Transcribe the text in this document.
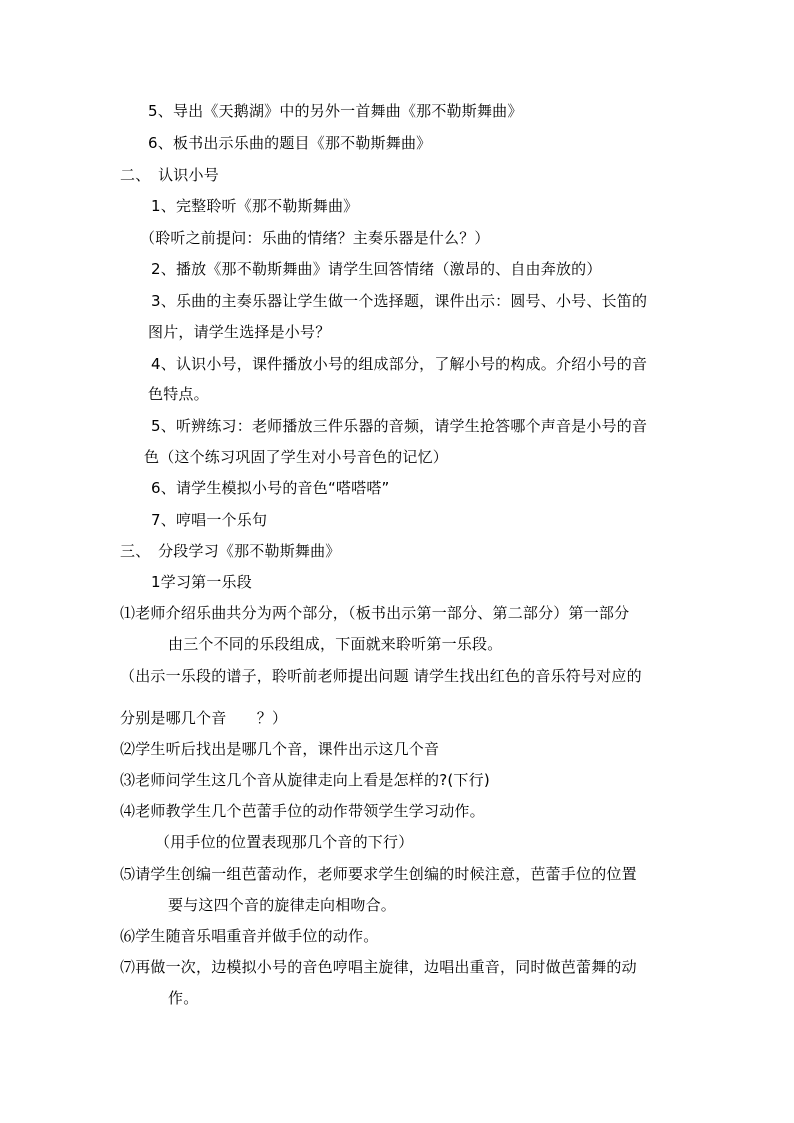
5、导出《天鹅湖》中的另外一首舞曲《那不勒斯舞曲》
6、板书出示乐曲的题目《那不勒斯舞曲》
二、　认识小号
1、完整聆听《那不勒斯舞曲》
（聆听之前提问：乐曲的情绪？主奏乐器是什么？）
2、播放《那不勒斯舞曲》请学生回答情绪（激昂的、自由奔放的）
3、乐曲的主奏乐器让学生做一个选择题，课件出示：圆号、小号、长笛的
图片，请学生选择是小号？
4、认识小号，课件播放小号的组成部分，了解小号的构成。介绍小号的音
色特点。
5、听辨练习：老师播放三件乐器的音频，请学生抢答哪个声音是小号的音
色（这个练习巩固了学生对小号音色的记忆）
6、请学生模拟小号的音色“嗒嗒嗒”
7、哼唱一个乐句
三、　分段学习《那不勒斯舞曲》
1学习第一乐段
⑴老师介绍乐曲共分为两个部分，（板书出示第一部分、第二部分）第一部分
由三个不同的乐段组成，下面就来聆听第一乐段。
（出示一乐段的谱子，聆听前老师提出问题 请学生找出红色的音乐符号对应的
分别是哪几个音　　？）
⑵学生听后找出是哪几个音，课件出示这几个音
⑶老师问学生这几个音从旋律走向上看是怎样的?(下行)
⑷老师教学生几个芭蕾手位的动作带领学生学习动作。
（用手位的位置表现那几个音的下行）
⑸请学生创编一组芭蕾动作，老师要求学生创编的时候注意，芭蕾手位的位置
要与这四个音的旋律走向相吻合。
⑹学生随音乐唱重音并做手位的动作。
⑺再做一次，边模拟小号的音色哼唱主旋律，边唱出重音，同时做芭蕾舞的动
作。
